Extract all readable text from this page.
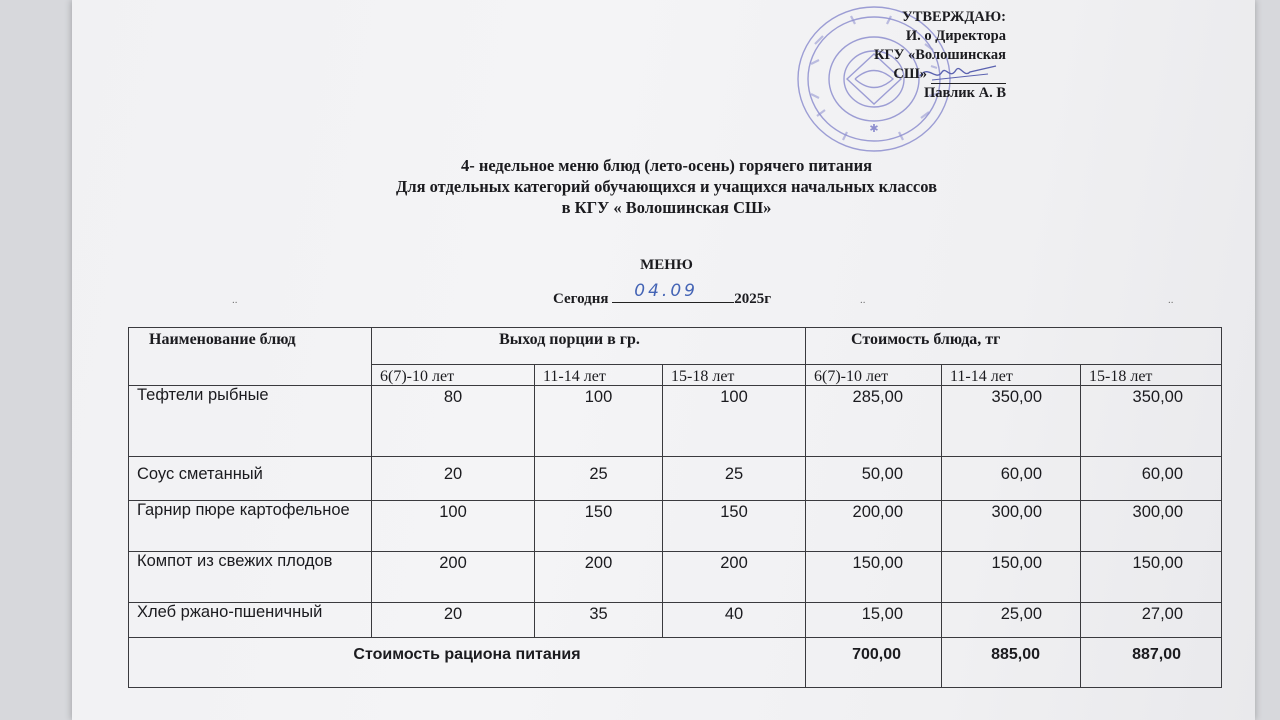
✱
УТВЕРЖДАЮ:
И. о Директора
КГУ «Волошинская
СШ»
Павлик А. В
4- недельное меню блюд (лето-осень) горячего питания
Для отдельных категорий обучающихся и учащихся начальных классов
в КГУ « Волошинская СШ»
МЕНЮ
Сегодня 04.09 2025г
..	..	..
Наименование блюд	Выход порции в гр.			Стоимость блюда, тг		

	6(7)-10 лет	11-14 лет	15-18 лет	6(7)-10 лет	11-14 лет	15-18 лет

Тефтели рыбные	80	100	100	285,00	350,00	350,00
Соус сметанный	20	25	25	50,00	60,00	60,00
Гарнир пюре картофельное	100	150	150	200,00	300,00	300,00
Компот из свежих плодов	200	200	200	150,00	150,00	150,00
Хлеб ржано-пшеничный	20	35	40	15,00	25,00	27,00
Стоимость рациона питания				700,00	885,00	887,00
